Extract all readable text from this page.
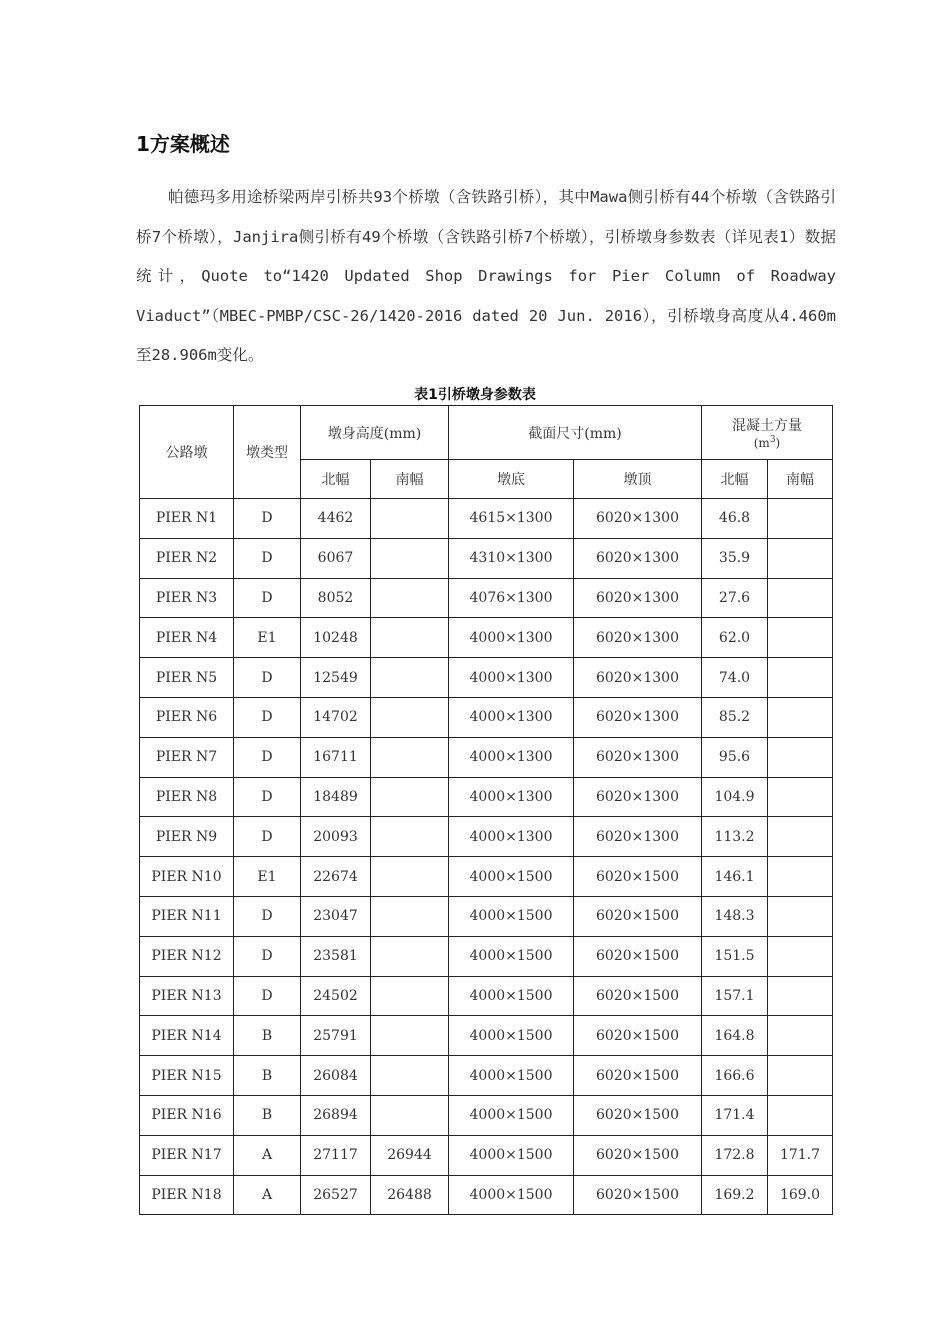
1方案概述

帕德玛多用途桥梁两岸引桥共93个桥墩（含铁路引桥），其中Mawa侧引桥有44个桥墩（含铁路引桥7个桥墩），Janjira侧引桥有49个桥墩（含铁路引桥7个桥墩），引桥墩身参数表（详见表1）数据统计，Quote to“1420 Updated Shop Drawings for Pier Column of Roadway Viaduct”（MBEC-PMBP/CSC-26/1420-2016 dated 20 Jun. 2016），引桥墩身高度从4.460m至28.906m变化。

表1引桥墩身参数表
公路墩	墩类型	墩身高度(mm)		截面尺寸(mm)		混凝土方量
$(m^3)$	

		北幅	南幅	墩底	墩顶	北幅	南幅
PIER N1	D	4462		4615×1300	6020×1300	46.8	
PIER N2	D	6067		4310×1300	6020×1300	35.9	
PIER N3	D	8052		4076×1300	6020×1300	27.6	
PIER N4	E1	10248		4000×1300	6020×1300	62.0	
PIER N5	D	12549		4000×1300	6020×1300	74.0	
PIER N6	D	14702		4000×1300	6020×1300	85.2	
PIER N7	D	16711		4000×1300	6020×1300	95.6	
PIER N8	D	18489		4000×1300	6020×1300	104.9	
PIER N9	D	20093		4000×1300	6020×1300	113.2	
PIER N10	E1	22674		4000×1500	6020×1500	146.1	
PIER N11	D	23047		4000×1500	6020×1500	148.3	
PIER N12	D	23581		4000×1500	6020×1500	151.5	
PIER N13	D	24502		4000×1500	6020×1500	157.1	
PIER N14	B	25791		4000×1500	6020×1500	164.8	
PIER N15	B	26084		4000×1500	6020×1500	166.6	
PIER N16	B	26894		4000×1500	6020×1500	171.4	
PIER N17	A	27117	26944	4000×1500	6020×1500	172.8	171.7
PIER N18	A	26527	26488	4000×1500	6020×1500	169.2	169.0
